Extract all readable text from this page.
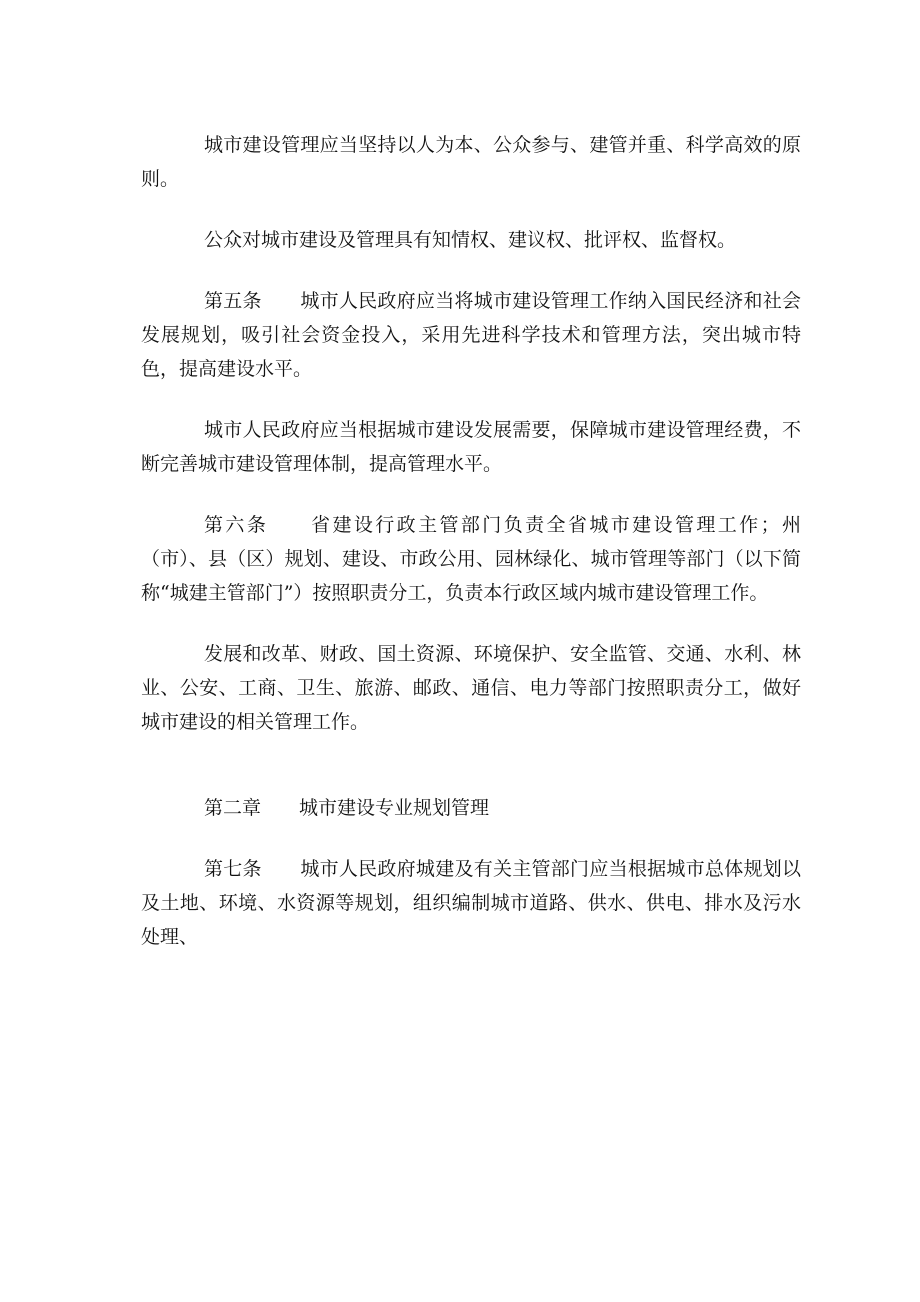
城市建设管理应当坚持以人为本、公众参与、建管并重、科学高效的原则。

公众对城市建设及管理具有知情权、建议权、批评权、监督权。

第五条　　城市人民政府应当将城市建设管理工作纳入国民经济和社会发展规划，吸引社会资金投入，采用先进科学技术和管理方法，突出城市特色，提高建设水平。

城市人民政府应当根据城市建设发展需要，保障城市建设管理经费，不断完善城市建设管理体制，提高管理水平。

第六条　　省建设行政主管部门负责全省城市建设管理工作；州（市）、县（区）规划、建设、市政公用、园林绿化、城市管理等部门（以下简称“城建主管部门”）按照职责分工，负责本行政区域内城市建设管理工作。

发展和改革、财政、国土资源、环境保护、安全监管、交通、水利、林业、公安、工商、卫生、旅游、邮政、通信、电力等部门按照职责分工，做好城市建设的相关管理工作。

第二章　　城市建设专业规划管理

第七条　　城市人民政府城建及有关主管部门应当根据城市总体规划以及土地、环境、水资源等规划，组织编制城市道路、供水、供电、排水及污水处理、
